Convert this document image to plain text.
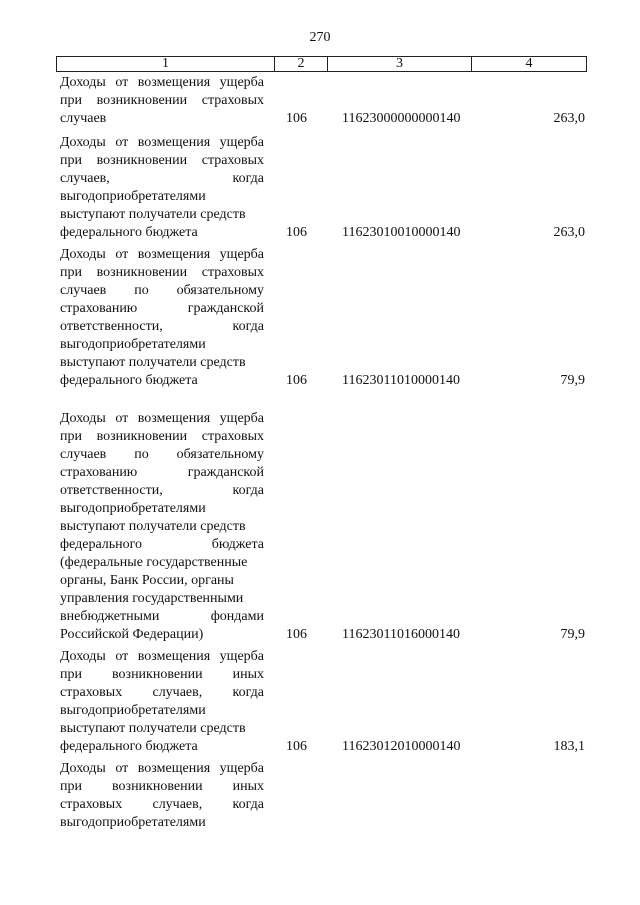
270
1	2	3	4
Доходы от возмещения ущерба
при возникновении страховых
случаев	106	11623000000000140	263,0
Доходы от возмещения ущерба
при возникновении страховых
случаев, когда
выгодоприобретателями
выступают получатели средств
федерального бюджета	106	11623010010000140	263,0
Доходы от возмещения ущерба
при возникновении страховых
случаев по обязательному
страхованию гражданской
ответственности, когда
выгодоприобретателями
выступают получатели средств
федерального бюджета	106	11623011010000140	79,9
Доходы от возмещения ущерба
при возникновении страховых
случаев по обязательному
страхованию гражданской
ответственности, когда
выгодоприобретателями
выступают получатели средств
федерального бюджета
(федеральные государственные
органы, Банк России, органы
управления государственными
внебюджетными фондами
Российской Федерации)	106	11623011016000140	79,9
Доходы от возмещения ущерба
при возникновении иных
страховых случаев, когда
выгодоприобретателями
выступают получатели средств
федерального бюджета	106	11623012010000140	183,1
Доходы от возмещения ущерба
при возникновении иных
страховых случаев, когда
выгодоприобретателями
